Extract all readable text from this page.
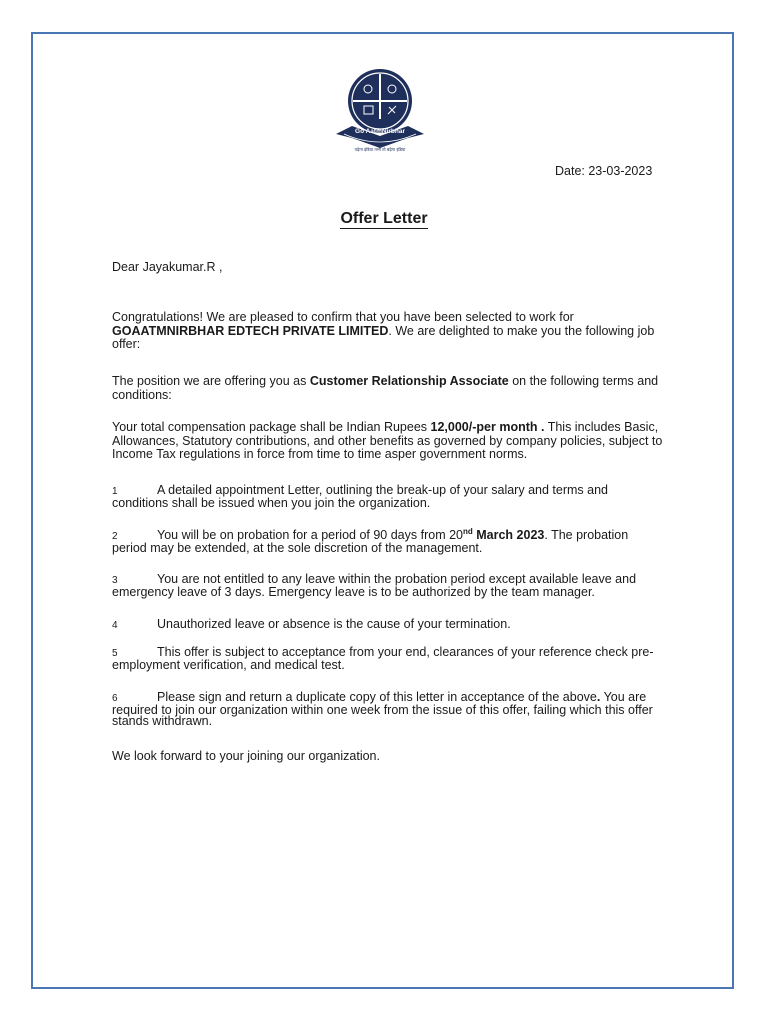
Go AatmNirbhar
पढ़ेगा इंडिया तभी तो बढ़ेगा इंडिया
Date: 23-03-2023
Offer Letter
Dear Jayakumar.R ,
Congratulations! We are pleased to confirm that you have been selected to work for
GOAATMNIRBHAR EDTECH PRIVATE LIMITED. We are delighted to make you the following job offer:
The position we are offering you as Customer Relationship Associate on the following terms and conditions:
Your total compensation package shall be Indian Rupees 12,000/-per month . This includes Basic, Allowances, Statutory contributions, and other benefits as governed by company policies, subject to Income Tax regulations in force from time to time asper government norms.
1	A detailed appointment Letter, outlining the break-up of your salary and terms and conditions shall be issued when you join the organization.
2	You will be on probation for a period of 90 days from 20nd March 2023. The probation period may be extended, at the sole discretion of the management.
3	You are not entitled to any leave within the probation period except available leave and emergency leave of 3 days. Emergency leave is to be authorized by the team manager.
4	Unauthorized leave or absence is the cause of your termination.
5	This offer is subject to acceptance from your end, clearances of your reference check pre-employment verification, and medical test.
6	Please sign and return a duplicate copy of this letter in acceptance of the above. You are required to join our organization within one week from the issue of this offer, failing which this offer stands withdrawn.
We look forward to your joining our organization.
